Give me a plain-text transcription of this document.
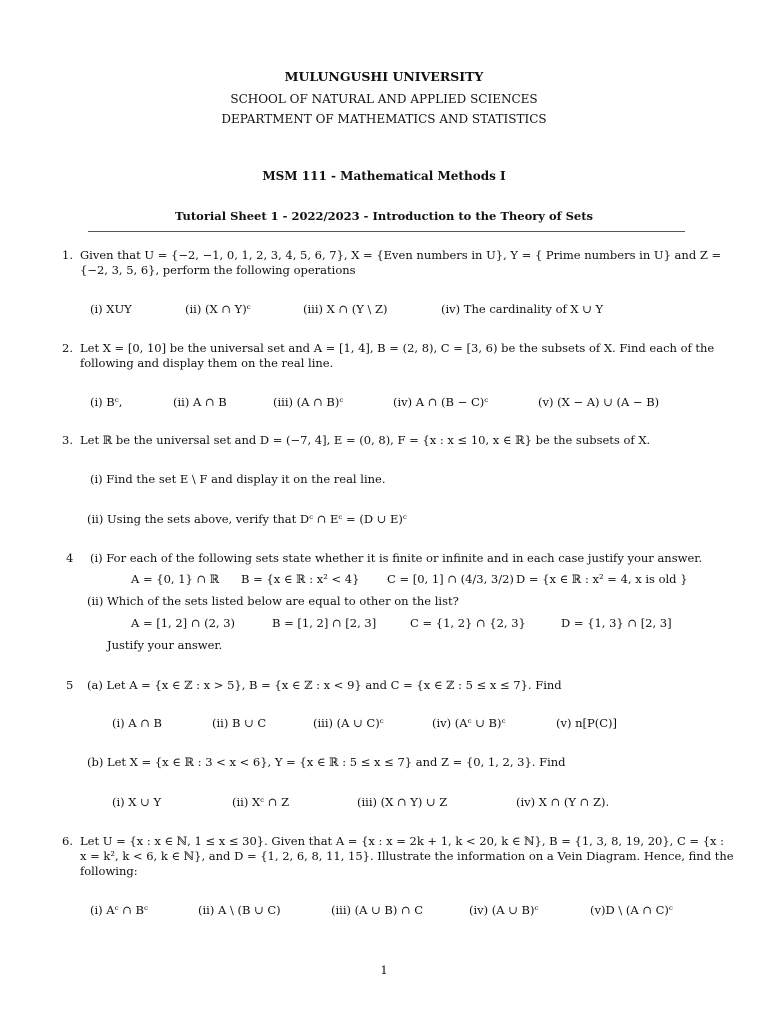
MULUNGUSHI UNIVERSITY
SCHOOL OF NATURAL AND APPLIED SCIENCES
DEPARTMENT OF MATHEMATICS AND STATISTICS
MSM 111 - Mathematical Methods I
Tutorial Sheet 1 - 2022/2023 - Introduction to the Theory of Sets
1. Given that U = {−2, −1, 0, 1, 2, 3, 4, 5, 6, 7}, X = {Even numbers in U}, Y = { Prime numbers in U} and Z =
{−2, 3, 5, 6}, perform the following operations
(i) XUY	(ii) (X ∩ Y)ᶜ	(iii) X ∩ (Y \ Z)	(iv) The cardinality of X ∪ Y
2. Let X = [0, 10] be the universal set and A = [1, 4], B = (2, 8), C = [3, 6) be the subsets of X. Find each of the
following and display them on the real line.
(i) Bᶜ,	(ii) A ∩ B	(iii) (A ∩ B)ᶜ	(iv) A ∩ (B − C)ᶜ	(v) (X − A) ∪ (A − B)
3. Let ℝ be the universal set and D = (−7, 4], E = (0, 8), F = {x : x ≤ 10, x ∈ ℝ} be the subsets of X.
(i) Find the set E \ F and display it on the real line.
(ii) Using the sets above, verify that Dᶜ ∩ Eᶜ = (D ∪ E)ᶜ
4 (i) For each of the following sets state whether it is finite or infinite and in each case justify your answer.
A = {0, 1} ∩ ℝ B = {x ∈ ℝ : x² < 4} C = [0, 1] ∩ (4/3, 3/2) D = {x ∈ ℝ : x² = 4, x is old }
(ii) Which of the sets listed below are equal to other on the list?
A = [1, 2] ∩ (2, 3)	B = [1, 2] ∩ [2, 3]	C = {1, 2} ∩ {2, 3}	D = {1, 3} ∩ [2, 3]
Justify your answer.
5 (a) Let A = {x ∈ ℤ : x > 5}, B = {x ∈ ℤ : x < 9} and C = {x ∈ ℤ : 5 ≤ x ≤ 7}. Find
(i) A ∩ B	(ii) B ∪ C	(iii) (A ∪ C)ᶜ	(iv) (Aᶜ ∪ B)ᶜ	(v) n[P(C)]
(b) Let X = {x ∈ ℝ : 3 < x < 6}, Y = {x ∈ ℝ : 5 ≤ x ≤ 7} and Z = {0, 1, 2, 3}. Find
(i) X ∪ Y	(ii) Xᶜ ∩ Z	(iii) (X ∩ Y) ∪ Z	(iv) X ∩ (Y ∩ Z).
6. Let U = {x : x ∈ ℕ, 1 ≤ x ≤ 30}. Given that A = {x : x = 2k + 1, k < 20, k ∈ ℕ}, B = {1, 3, 8, 19, 20}, C = {x :
x = k², k < 6, k ∈ ℕ}, and D = {1, 2, 6, 8, 11, 15}. Illustrate the information on a Vein Diagram. Hence, find the
following:
(i) Aᶜ ∩ Bᶜ	(ii) A \ (B ∪ C)	(iii) (A ∪ B) ∩ C	(iv) (A ∪ B)ᶜ	(v)D \ (A ∩ C)ᶜ
1
